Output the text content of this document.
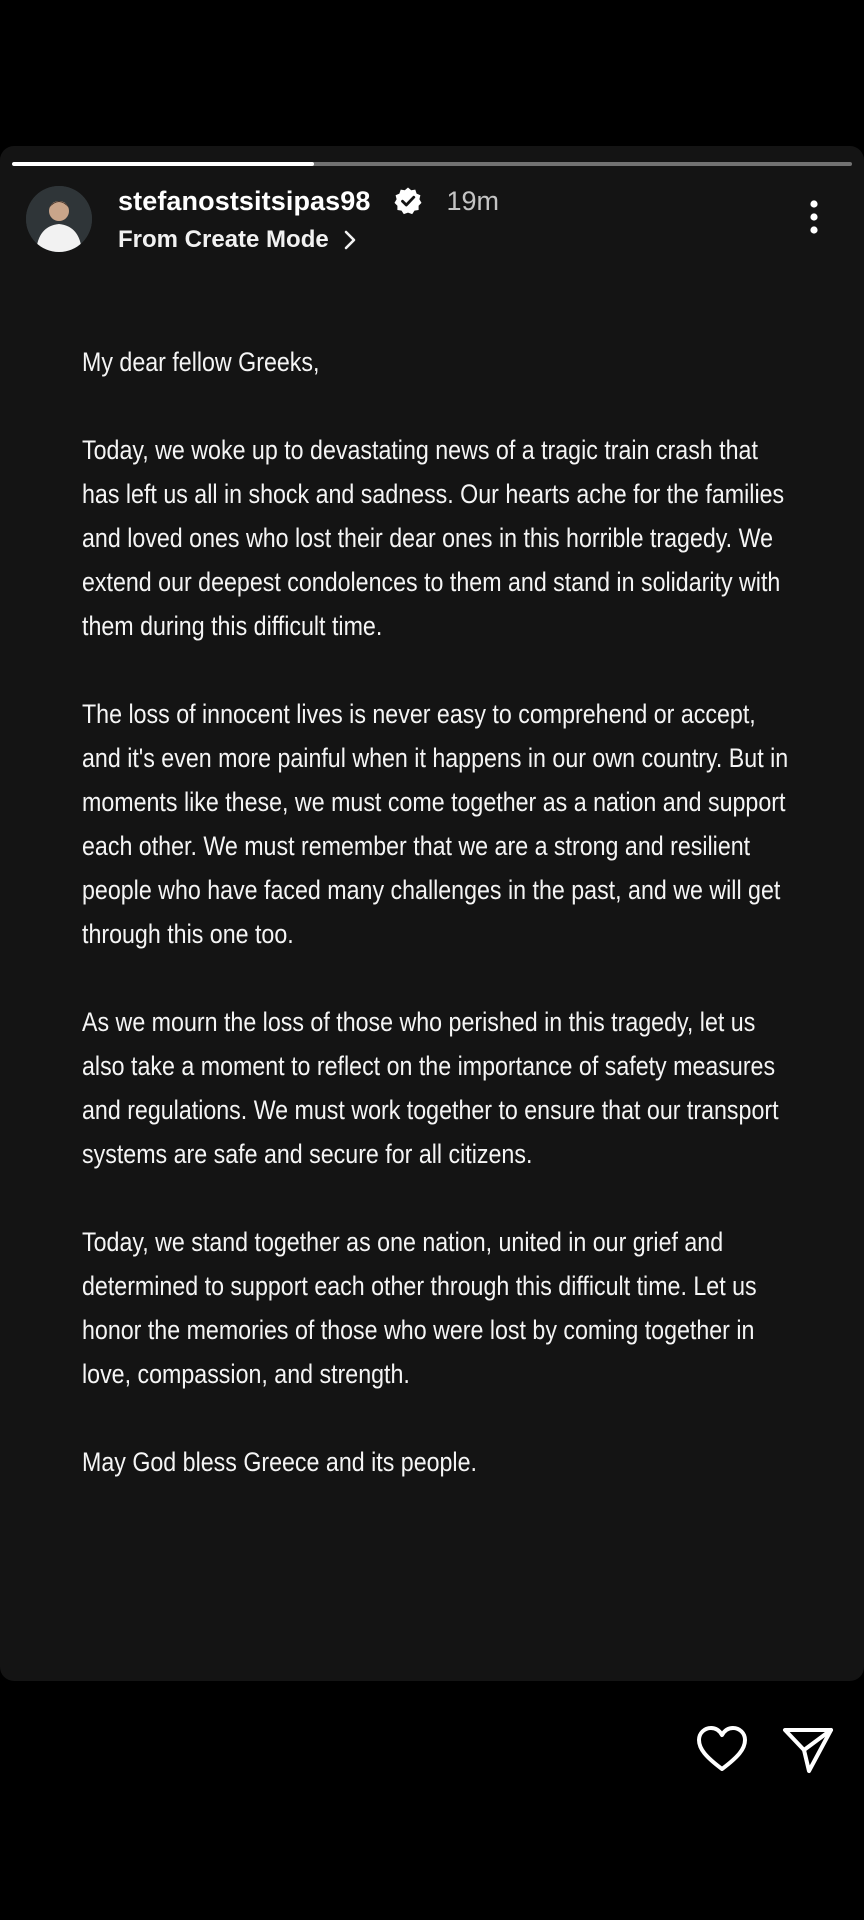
stefanostsitsipas98	19m
From Create Mode

My dear fellow Greeks,

Today, we woke up to devastating news of a tragic train crash that has left us all in shock and sadness. Our hearts ache for the families and loved ones who lost their dear ones in this horrible tragedy. We extend our deepest condolences to them and stand in solidarity with them during this difficult time.

The loss of innocent lives is never easy to comprehend or accept, and it's even more painful when it happens in our own country. But in moments like these, we must come together as a nation and support each other. We must remember that we are a strong and resilient people who have faced many challenges in the past, and we will get through this one too.

As we mourn the loss of those who perished in this tragedy, let us also take a moment to reflect on the importance of safety measures and regulations. We must work together to ensure that our transport systems are safe and secure for all citizens.

Today, we stand together as one nation, united in our grief and determined to support each other through this difficult time. Let us honor the memories of those who were lost by coming together in love, compassion, and strength.

May God bless Greece and its people.
